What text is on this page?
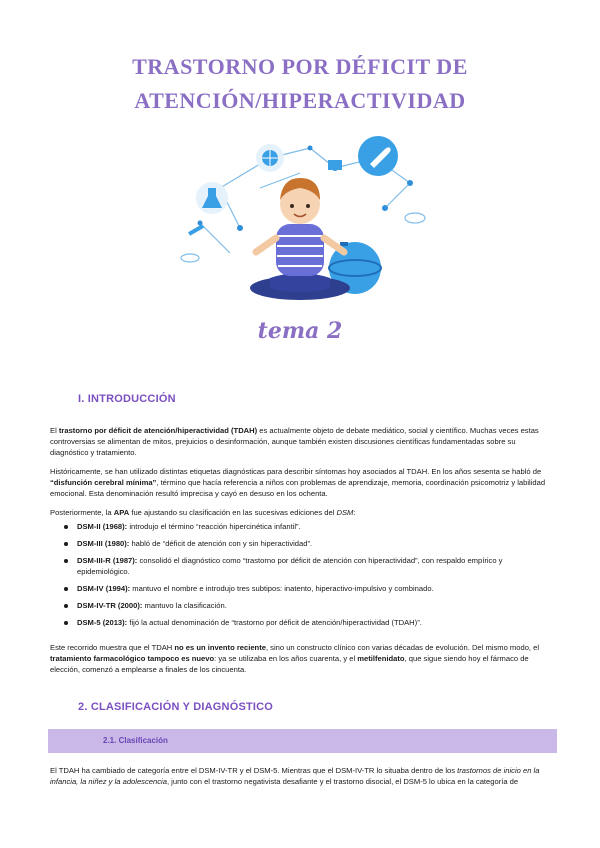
TRASTORNO POR DÉFICIT DE
ATENCIÓN/HIPERACTIVIDAD
tema 2
I. INTRODUCCIÓN

El trastorno por déficit de atención/hiperactividad (TDAH) es actualmente objeto de debate mediático, social y científico. Muchas veces estas controversias se alimentan de mitos, prejuicios o desinformación, aunque también existen discusiones científicas fundamentadas sobre su diagnóstico y tratamiento.

Históricamente, se han utilizado distintas etiquetas diagnósticas para describir síntomas hoy asociados al TDAH. En los años sesenta se habló de “disfunción cerebral mínima”, término que hacía referencia a niños con problemas de aprendizaje, memoria, coordinación psicomotriz y labilidad emocional. Esta denominación resultó imprecisa y cayó en desuso en los ochenta.

Posteriormente, la APA fue ajustando su clasificación en las sucesivas ediciones del DSM:

DSM-II (1968): introdujo el término “reacción hipercinética infantil”.
DSM-III (1980): habló de “déficit de atención con y sin hiperactividad”.
DSM-III-R (1987): consolidó el diagnóstico como “trastorno por déficit de atención con hiperactividad”, con respaldo empírico y epidemiológico.
DSM-IV (1994): mantuvo el nombre e introdujo tres subtipos: inatento, hiperactivo-impulsivo y combinado.
DSM-IV-TR (2000): mantuvo la clasificación.
DSM-5 (2013): fijó la actual denominación de “trastorno por déficit de atención/hiperactividad (TDAH)”.

Este recorrido muestra que el TDAH no es un invento reciente, sino un constructo clínico con varias décadas de evolución. Del mismo modo, el tratamiento farmacológico tampoco es nuevo: ya se utilizaba en los años cuarenta, y el metilfenidato, que sigue siendo hoy el fármaco de elección, comenzó a emplearse a finales de los cincuenta.

2. CLASIFICACIÓN Y DIAGNÓSTICO
2.1. Clasificación

El TDAH ha cambiado de categoría entre el DSM-IV-TR y el DSM-5. Mientras que el DSM-IV-TR lo situaba dentro de los trastornos de inicio en la infancia, la niñez y la adolescencia, junto con el trastorno negativista desafiante y el trastorno disocial, el DSM-5 lo ubica en la categoría de
